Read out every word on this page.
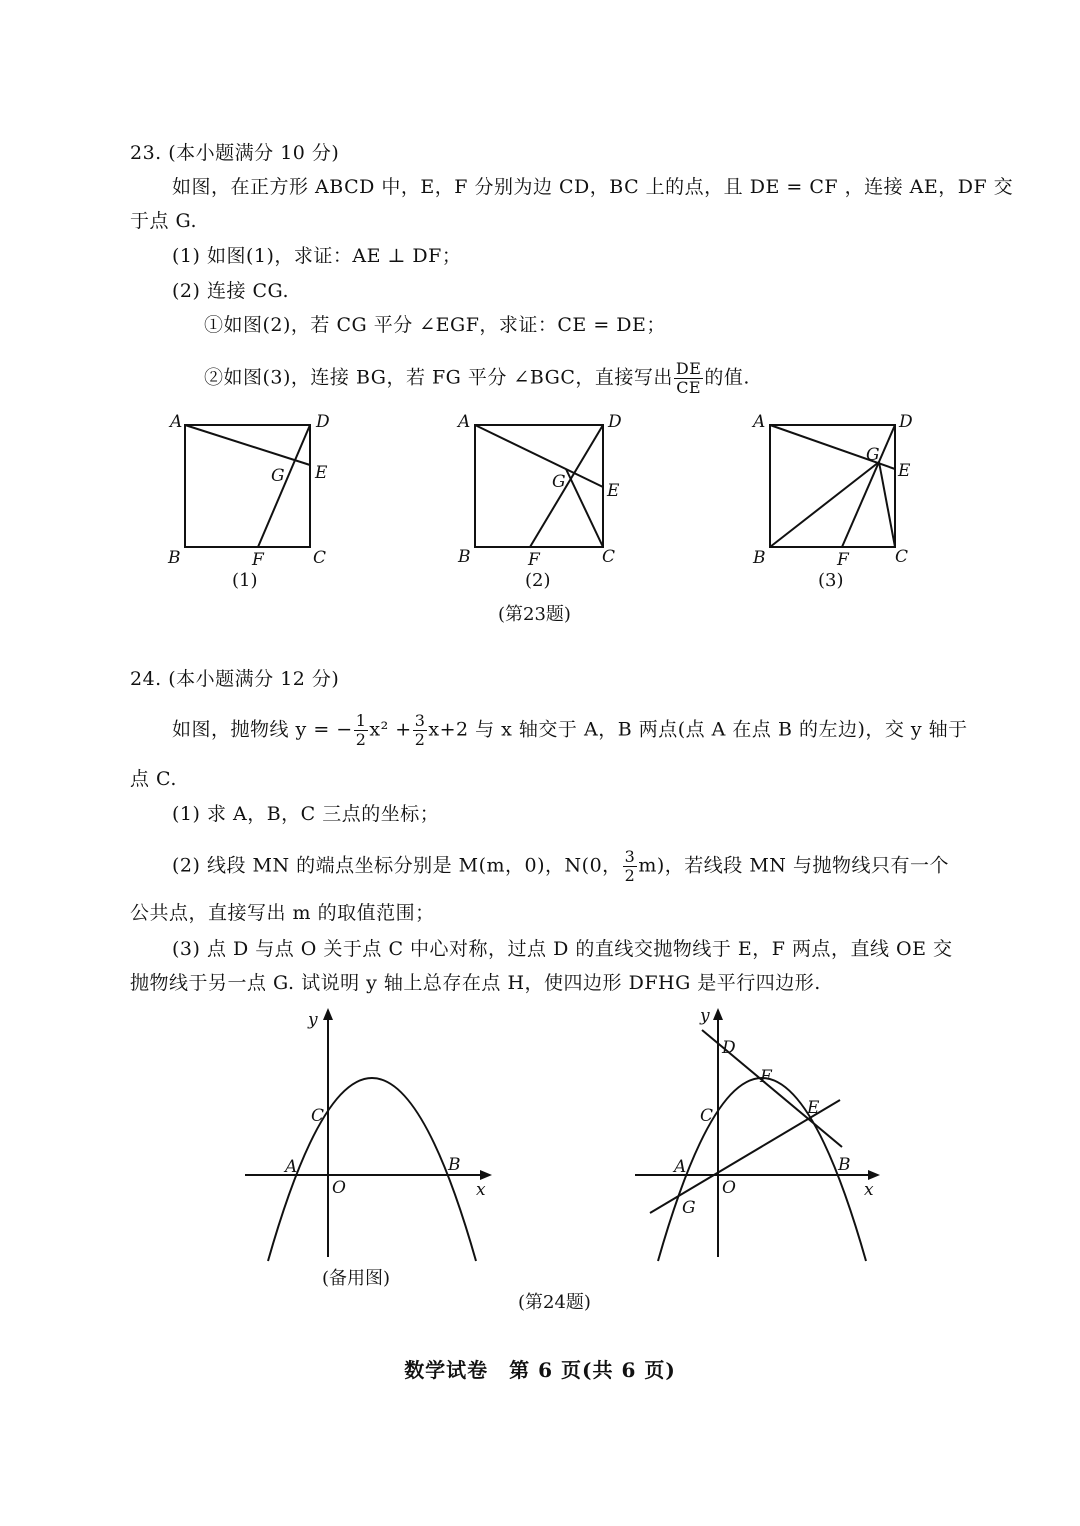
23. (本小题满分 10 分)
如图，在正方形 ABCD 中，E，F 分别为边 CD，BC 上的点，且 DE = CF ，连接 AE，DF 交
于点 G.
(1) 如图(1)，求证：AE ⊥ DF；
(2) 连接 CG.
①如图(2)，若 CG 平分 ∠EGF，求证：CE = DE；
②如图(3)，连接 BG，若 FG 平分 ∠BGC，直接写出 $\frac{DE}{CE}$ 的值.
A	D
E
G
B	F	C
(1)
A	D
E
G
B	F	C
(2)
A	D
E
G
B	F	C
(3)
(第23题)
24. (本小题满分 12 分)
如图，抛物线 y = − $\frac{1}{2} x^2 + \frac{3}{2} x+2$ 与 x 轴交于 A，B 两点(点 A 在点 B 的左边)，交 y 轴于
点 C.
(1) 求 A，B，C 三点的坐标；
(2) 线段 MN 的端点坐标分别是 M(m，0)，N(0， $\frac{3}{2} m$)，若线段 MN 与抛物线只有一个
公共点，直接写出 m 的取值范围；
(3) 点 D 与点 O 关于点 C 中心对称，过点 D 的直线交抛物线于 E，F 两点，直线 OE 交
抛物线于另一点 G. 试说明 y 轴上总存在点 H，使四边形 DFHG 是平行四边形.
y
x
O
A	B
C
(备用图)
y
x
O
A	B
C
D
F
E
G
(第24题)
数学试卷　第 6 页(共 6 页)
